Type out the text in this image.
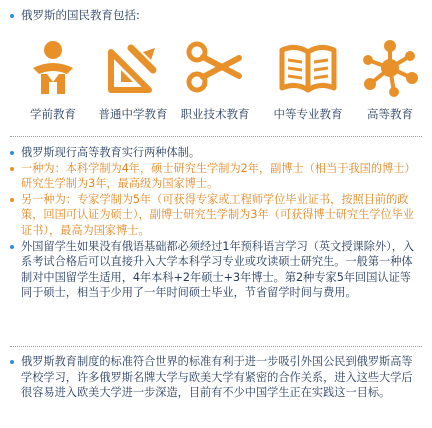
俄罗斯的国民教育包括:
学前教育	普通中学教育	职业技术教育	中等专业教育	高等教育
俄罗斯现行高等教育实行两种体制。
一种为：本科学制为4年，硕士研究生学制为2年，副博士（相当于我国的博士）研究生学制为3年，最高级为国家博士。
另一种为：专家学制为5年（可获得专家或工程师学位毕业证书，按照目前的政策，回国可认证为硕士），副博士研究生学制为3年（可获得博士研究生学位毕业证书），最高为国家博士。
外国留学生如果没有俄语基础都必须经过1年预科语言学习（英文授课除外），入系考试合格后可以直接升入大学本科学习专业或攻读硕士研究生。一般第一种体制对中国留学生适用，4年本科+2年硕士+3年博士。第2种专家5年回国认证等同于硕士，相当于少用了一年时间硕士毕业，节省留学时间与费用。
俄罗斯教育制度的标准符合世界的标准有利于进一步吸引外国公民到俄罗斯高等学校学习，许多俄罗斯名牌大学与欧美大学有紧密的合作关系，进入这些大学后很容易进入欧美大学进一步深造，目前有不少中国学生正在实践这一目标。
